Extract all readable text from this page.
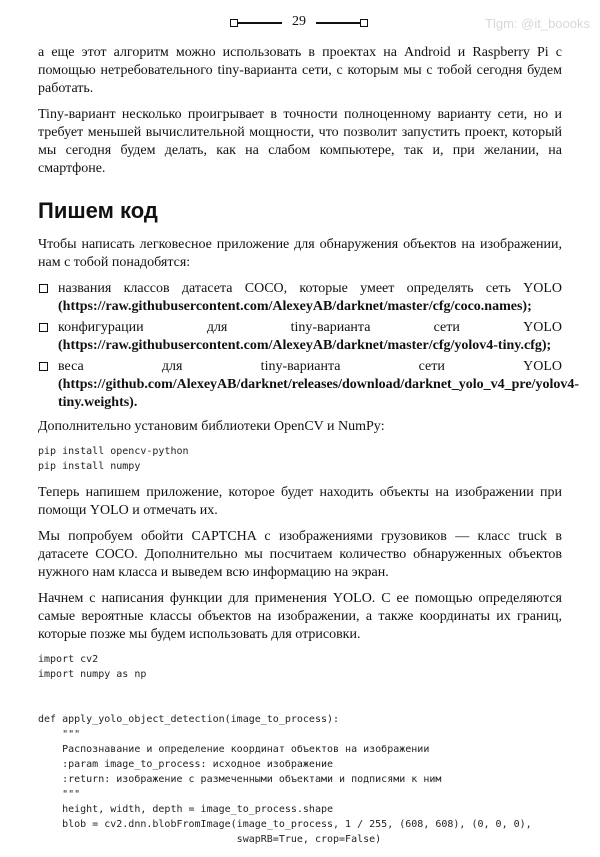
29	Tlgm: @it_boooks

а еще этот алгоритм можно использовать в проектах на Android и Raspberry Pi с помощью нетребовательного tiny-варианта сети, с которым мы с тобой сегодня будем работать.

Tiny-вариант несколько проигрывает в точности полноценному варианту сети, но и требует меньшей вычислительной мощности, что позволит запустить проект, который мы сегодня будем делать, как на слабом компьютере, так и, при желании, на смартфоне.

Пишем код

Чтобы написать легковесное приложение для обнаружения объектов на изображении, нам с тобой понадобятся:

названия классов датасета COCO, которые умеет определять сеть YOLO (https://raw.githubusercontent.com/AlexeyAB/darknet/master/cfg/coco.names);
конфигурации для tiny-варианта сети YOLO (https://raw.githubusercontent.com/AlexeyAB/darknet/master/cfg/yolov4-tiny.cfg);
веса для tiny-варианта сети YOLO (https://github.com/AlexeyAB/darknet/releases/download/darknet_yolo_v4_pre/yolov4-tiny.weights).

Дополнительно установим библиотеки OpenCV и NumPy:

pip install opencv-python
pip install numpy

Теперь напишем приложение, которое будет находить объекты на изображении при помощи YOLO и отмечать их.

Мы попробуем обойти CAPTCHA с изображениями грузовиков — класс truck в датасете COCO. Дополнительно мы посчитаем количество обнаруженных объектов нужного нам класса и выведем всю информацию на экран.

Начнем с написания функции для применения YOLO. С ее помощью определяются самые вероятные классы объектов на изображении, а также координаты их границ, которые позже мы будем использовать для отрисовки.

import cv2
import numpy as np

def apply_yolo_object_detection(image_to_process):
"""
Распознавание и определение координат объектов на изображении
:param image_to_process: исходное изображение
:return: изображение с размеченными объектами и подписями к ним
"""
height, width, depth = image_to_process.shape
blob = cv2.dnn.blobFromImage(image_to_process, 1 / 255, (608, 608), (0, 0, 0),
swapRB=True, crop=False)
